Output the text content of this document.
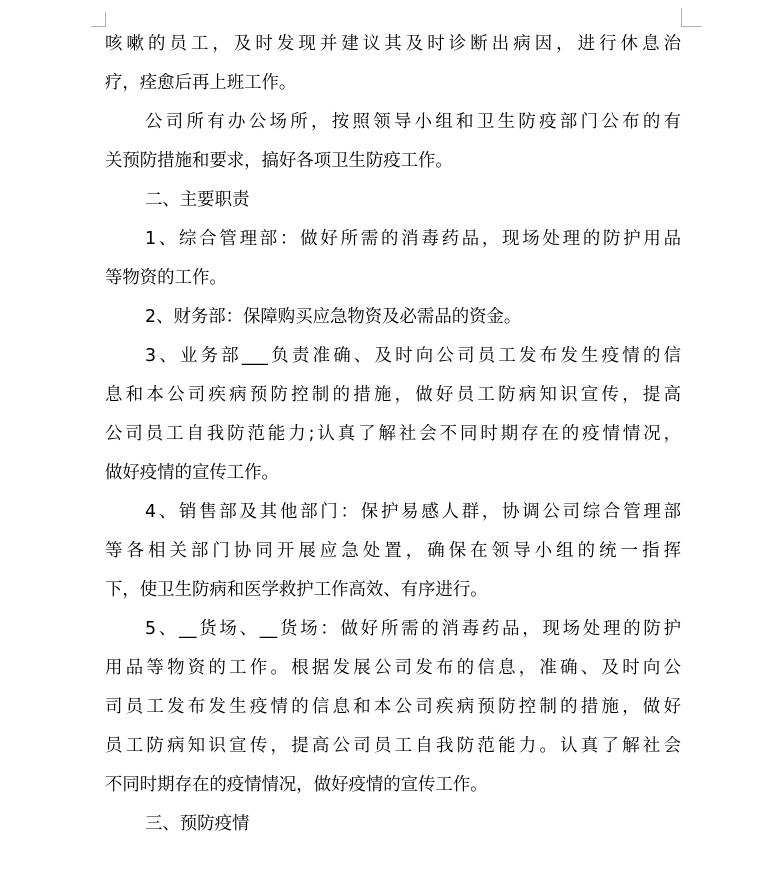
咳嗽的员工，及时发现并建议其及时诊断出病因，进行休息治
疗，痊愈后再上班工作。
公司所有办公场所，按照领导小组和卫生防疫部门公布的有
关预防措施和要求，搞好各项卫生防疫工作。
二、主要职责
1、综合管理部：做好所需的消毒药品，现场处理的防护用品
等物资的工作。
2、财务部：保障购买应急物资及必需品的资金。
3、业务部___负责准确、及时向公司员工发布发生疫情的信
息和本公司疾病预防控制的措施，做好员工防病知识宣传，提高
公司员工自我防范能力;认真了解社会不同时期存在的疫情情况，
做好疫情的宣传工作。
4、销售部及其他部门：保护易感人群，协调公司综合管理部
等各相关部门协同开展应急处置，确保在领导小组的统一指挥
下，使卫生防病和医学救护工作高效、有序进行。
5、__货场、__货场：做好所需的消毒药品，现场处理的防护
用品等物资的工作。根据发展公司发布的信息，准确、及时向公
司员工发布发生疫情的信息和本公司疾病预防控制的措施，做好
员工防病知识宣传，提高公司员工自我防范能力。认真了解社会
不同时期存在的疫情情况，做好疫情的宣传工作。
三、预防疫情
